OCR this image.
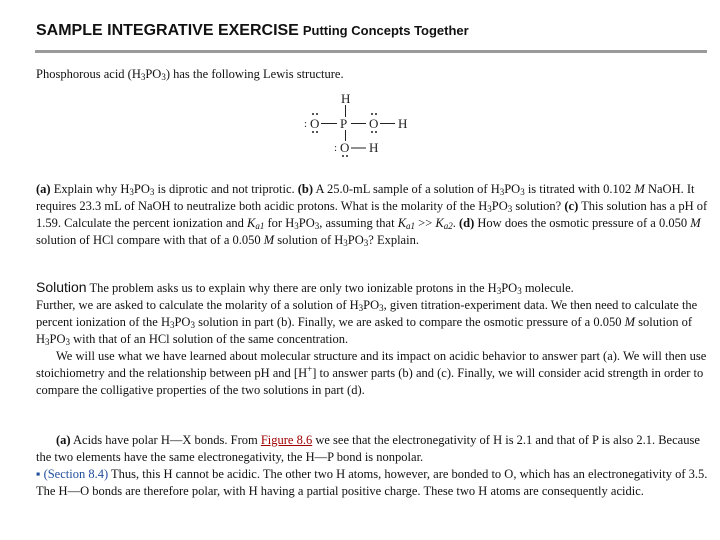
SAMPLE INTEGRATIVE EXERCISE Putting Concepts Together
Phosphorous acid $(H_3PO_3)$ has the following Lewis structure.
H
O
:	P O H
O
: H
(a) Explain why $H_3PO_3$ is diprotic and not triprotic. (b) A 25.0-mL sample of a solution of $H_3PO_3$ is titrated with 0.102 M NaOH. It requires 23.3 mL of NaOH to neutralize both acidic protons. What is the molarity of the $H_3PO_3$ solution? (c) This solution has a pH of 1.59. Calculate the percent ionization and $K_{a1}$ for $H_3PO_3$, assuming that $K_{a1} >> K_{a2}$. (d) How does the osmotic pressure of a 0.050 M solution of HCl compare with that of a 0.050 M solution of $H_3PO_3$? Explain.
Solution The problem asks us to explain why there are only two ionizable protons in the $H_3PO_3$ molecule.
Further, we are asked to calculate the molarity of a solution of $H_3PO_3$, given titration-experiment data. We then need to calculate the percent ionization of the $H_3PO_3$ solution in part (b). Finally, we are asked to compare the osmotic pressure of a 0.050 M solution of $H_3PO_3$ with that of an HCl solution of the same concentration.
We will use what we have learned about molecular structure and its impact on acidic behavior to answer part (a). We will then use stoichiometry and the relationship between pH and [H+] to answer parts (b) and (c). Finally, we will consider acid strength in order to compare the colligative properties of the two solutions in part (d).
(a) Acids have polar H—X bonds. From Figure 8.6 we see that the electronegativity of H is 2.1 and that of P is also 2.1. Because the two elements have the same electronegativity, the H—P bond is nonpolar.
▪ (Section 8.4) Thus, this H cannot be acidic. The other two H atoms, however, are bonded to O, which has an electronegativity of 3.5. The H—O bonds are therefore polar, with H having a partial positive charge. These two H atoms are consequently acidic.
